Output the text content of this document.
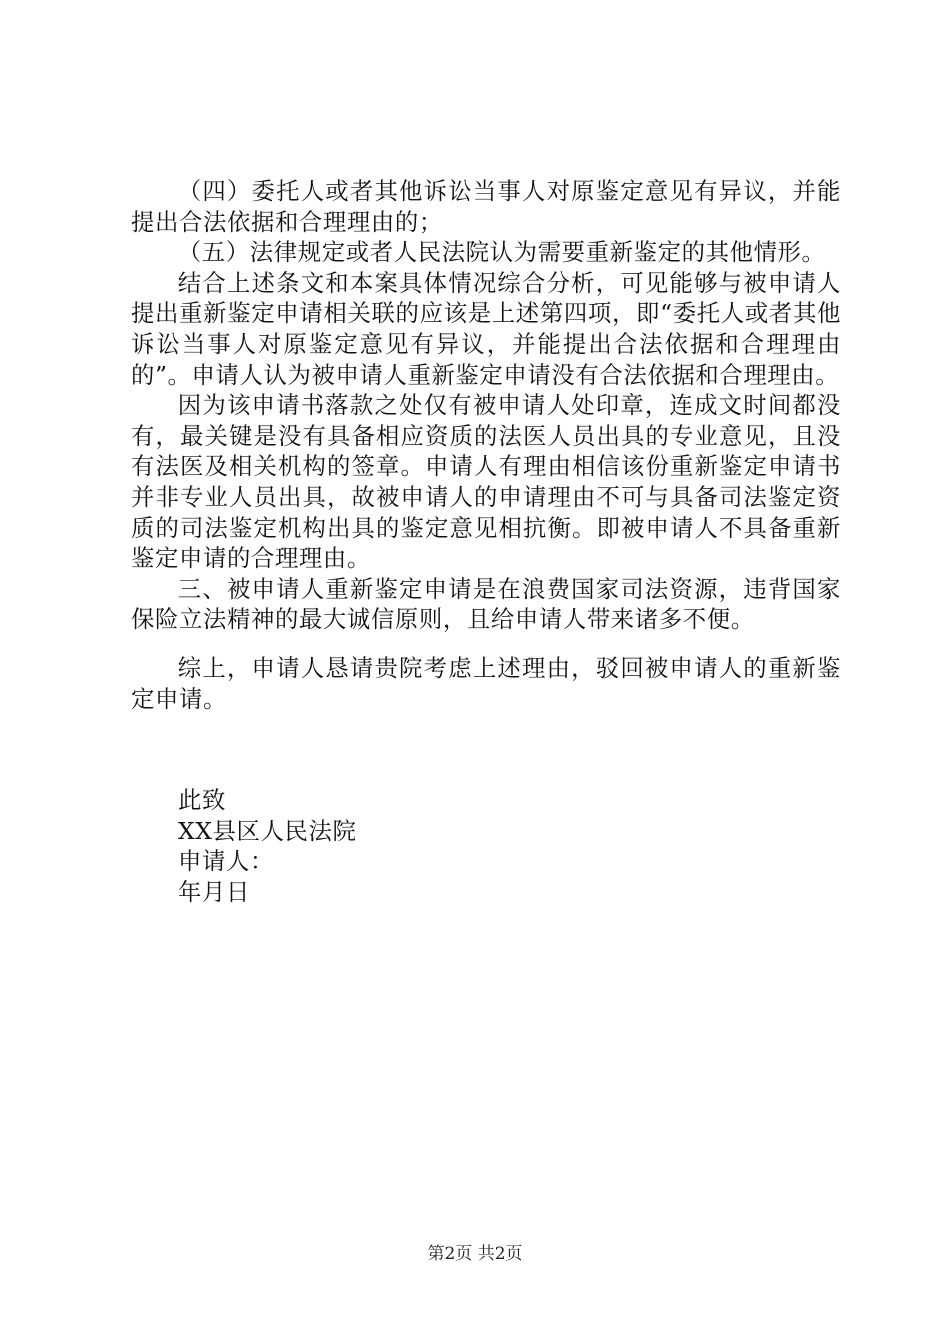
（四）委托人或者其他诉讼当事人对原鉴定意见有异议，并能提出合法依据和合理理由的；

（五）法律规定或者人民法院认为需要重新鉴定的其他情形。

结合上述条文和本案具体情况综合分析，可见能够与被申请人提出重新鉴定申请相关联的应该是上述第四项，即“委托人或者其他诉讼当事人对原鉴定意见有异议，并能提出合法依据和合理理由的”。申请人认为被申请人重新鉴定申请没有合法依据和合理理由。

因为该申请书落款之处仅有被申请人处印章，连成文时间都没有，最关键是没有具备相应资质的法医人员出具的专业意见，且没有法医及相关机构的签章。申请人有理由相信该份重新鉴定申请书并非专业人员出具，故被申请人的申请理由不可与具备司法鉴定资质的司法鉴定机构出具的鉴定意见相抗衡。即被申请人不具备重新鉴定申请的合理理由。

三、被申请人重新鉴定申请是在浪费国家司法资源，违背国家保险立法精神的最大诚信原则，且给申请人带来诸多不便。

综上，申请人恳请贵院考虑上述理由，驳回被申请人的重新鉴定申请。

此致
XX县区人民法院
申请人：
年月日
第2页 共2页
